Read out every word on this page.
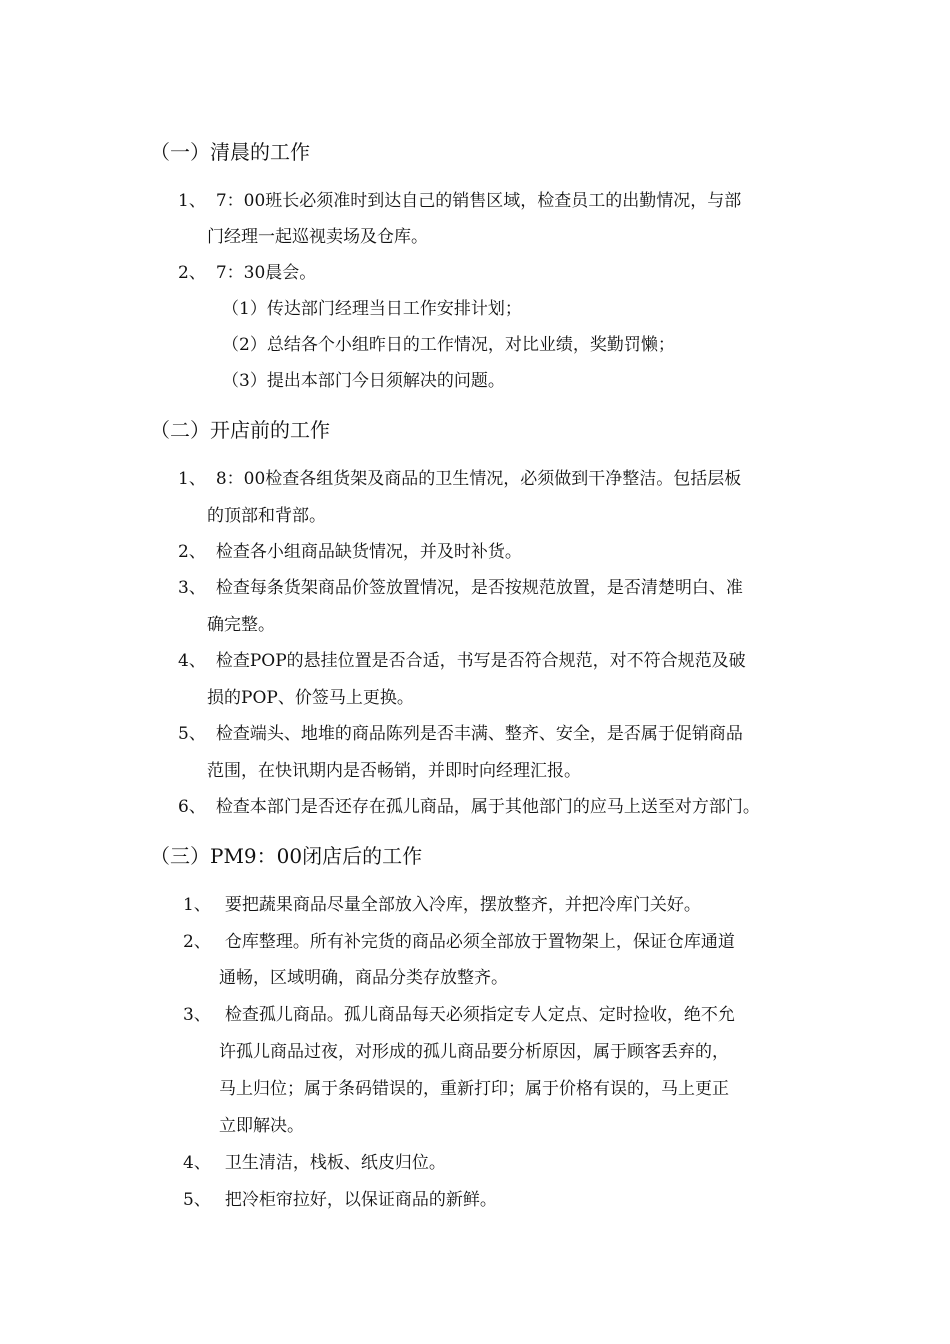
（一）清晨的工作
1、 7：00班长必须准时到达自己的销售区域，检查员工的出勤情况，与部
门经理一起巡视卖场及仓库。
2、 7：30晨会。
（1）传达部门经理当日工作安排计划；
（2）总结各个小组昨日的工作情况，对比业绩，奖勤罚懒；
（3）提出本部门今日须解决的问题。
（二）开店前的工作
1、 8：00检查各组货架及商品的卫生情况，必须做到干净整洁。包括层板
的顶部和背部。
2、 检查各小组商品缺货情况，并及时补货。
3、 检查每条货架商品价签放置情况，是否按规范放置，是否清楚明白、准
确完整。
4、 检查POP的悬挂位置是否合适，书写是否符合规范，对不符合规范及破
损的POP、价签马上更换。
5、 检查端头、地堆的商品陈列是否丰满、整齐、安全，是否属于促销商品
范围，在快讯期内是否畅销，并即时向经理汇报。
6、 检查本部门是否还存在孤儿商品，属于其他部门的应马上送至对方部门。
（三）PM9：00闭店后的工作
1、 要把蔬果商品尽量全部放入冷库，摆放整齐，并把冷库门关好。
2、 仓库整理。所有补完货的商品必须全部放于置物架上，保证仓库通道
通畅，区域明确，商品分类存放整齐。
3、 检查孤儿商品。孤儿商品每天必须指定专人定点、定时捡收，绝不允
许孤儿商品过夜，对形成的孤儿商品要分析原因，属于顾客丢弃的，
马上归位；属于条码错误的，重新打印；属于价格有误的，马上更正
立即解决。
4、 卫生清洁，栈板、纸皮归位。
5、 把冷柜帘拉好，以保证商品的新鲜。
